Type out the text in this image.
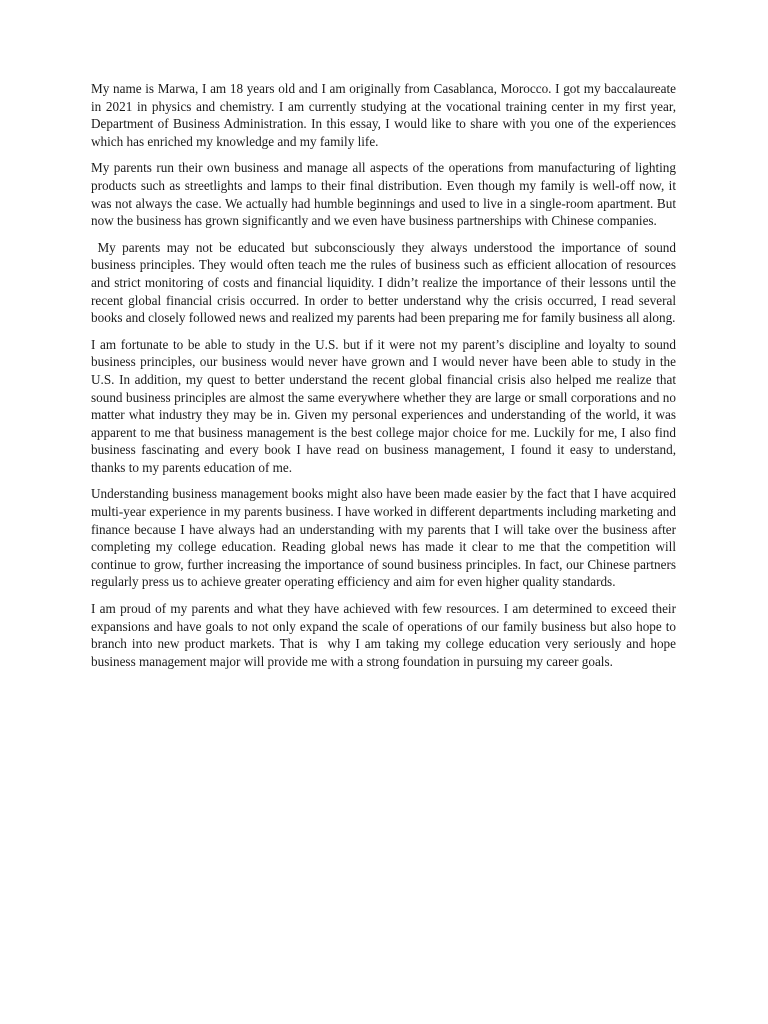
My name is Marwa, I am 18 years old and I am originally from Casablanca, Morocco. I got my baccalaureate in 2021 in physics and chemistry. I am currently studying at the vocational training center in my first year, Department of Business Administration. In this essay, I would like to share with you one of the experiences which has enriched my knowledge and my family life.

My parents run their own business and manage all aspects of the operations from manufacturing of lighting products such as streetlights and lamps to their final distribution. Even though my family is well-off now, it was not always the case. We actually had humble beginnings and used to live in a single-room apartment. But now the business has grown significantly and we even have business partnerships with Chinese companies.

My parents may not be educated but subconsciously they always understood the importance of sound business principles. They would often teach me the rules of business such as efficient allocation of resources and strict monitoring of costs and financial liquidity. I didn’t realize the importance of their lessons until the recent global financial crisis occurred. In order to better understand why the crisis occurred, I read several books and closely followed news and realized my parents had been preparing me for family business all along.

I am fortunate to be able to study in the U.S. but if it were not my parent’s discipline and loyalty to sound business principles, our business would never have grown and I would never have been able to study in the U.S. In addition, my quest to better understand the recent global financial crisis also helped me realize that sound business principles are almost the same everywhere whether they are large or small corporations and no matter what industry they may be in. Given my personal experiences and understanding of the world, it was apparent to me that business management is the best college major choice for me. Luckily for me, I also find business fascinating and every book I have read on business management, I found it easy to understand, thanks to my parents education of me.

Understanding business management books might also have been made easier by the fact that I have acquired multi-year experience in my parents business. I have worked in different departments including marketing and finance because I have always had an understanding with my parents that I will take over the business after completing my college education. Reading global news has made it clear to me that the competition will continue to grow, further increasing the importance of sound business principles. In fact, our Chinese partners regularly press us to achieve greater operating efficiency and aim for even higher quality standards.

I am proud of my parents and what they have achieved with few resources. I am determined to exceed their expansions and have goals to not only expand the scale of operations of our family business but also hope to branch into new product markets. That is  why I am taking my college education very seriously and hope business management major will provide me with a strong foundation in pursuing my career goals.
